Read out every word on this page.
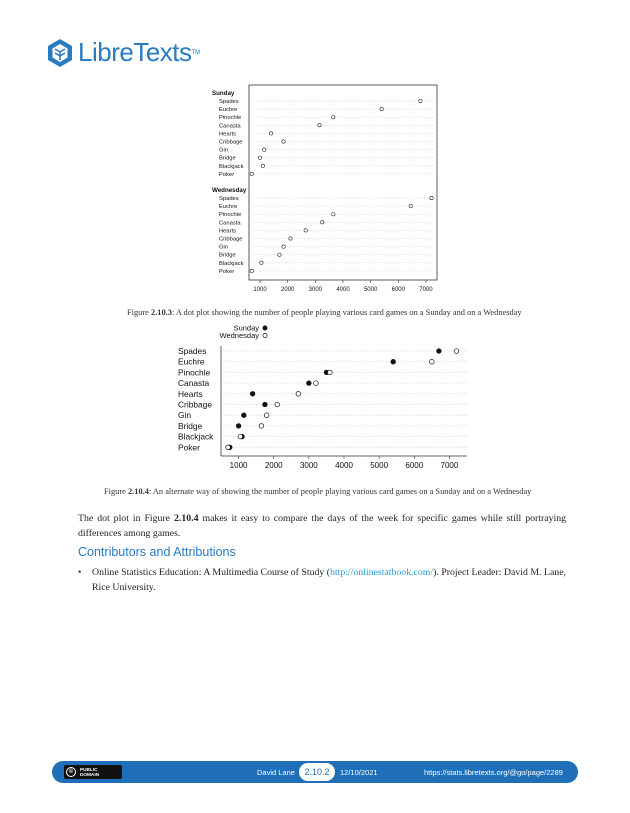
LibreTexts TM
Sunday
Spades
Euchre
Pinochle
Canasta
Hearts
Cribbage
Gin
Bridge
Blackjack
Poker
Wednesday
Spades
Euchre
Pinochle
Canasta
Hearts
Cribbage
Gin
Bridge
Blackjack
Poker
1000 2000 3000 4000 5000 6000 7000
Figure 2.10.3: A dot plot showing the number of people playing various card games on a Sunday and on a Wednesday
Sunday
Wednesday
Spades
Euchre
Pinochle
Canasta
Hearts
Cribbage
Gin
Bridge
Blackjack
Poker
1000 2000 3000 4000 5000 6000 7000
Figure 2.10.4: An alternate way of showing the number of people playing various card games on a Sunday and on a Wednesday
The dot plot in Figure 2.10.4 makes it easy to compare the days of the week for specific games while still portraying differences among games.
Contributors and Attributions
•	Online Statistics Education: A Multimedia Course of Study (http://onlinestatbook.com/). Project Leader: David M. Lane, Rice University.
©	PUBLIC
DOMAIN	David Lane	2.10.2	12/10/2021	https://stats.libretexts.org/@go/page/2289
